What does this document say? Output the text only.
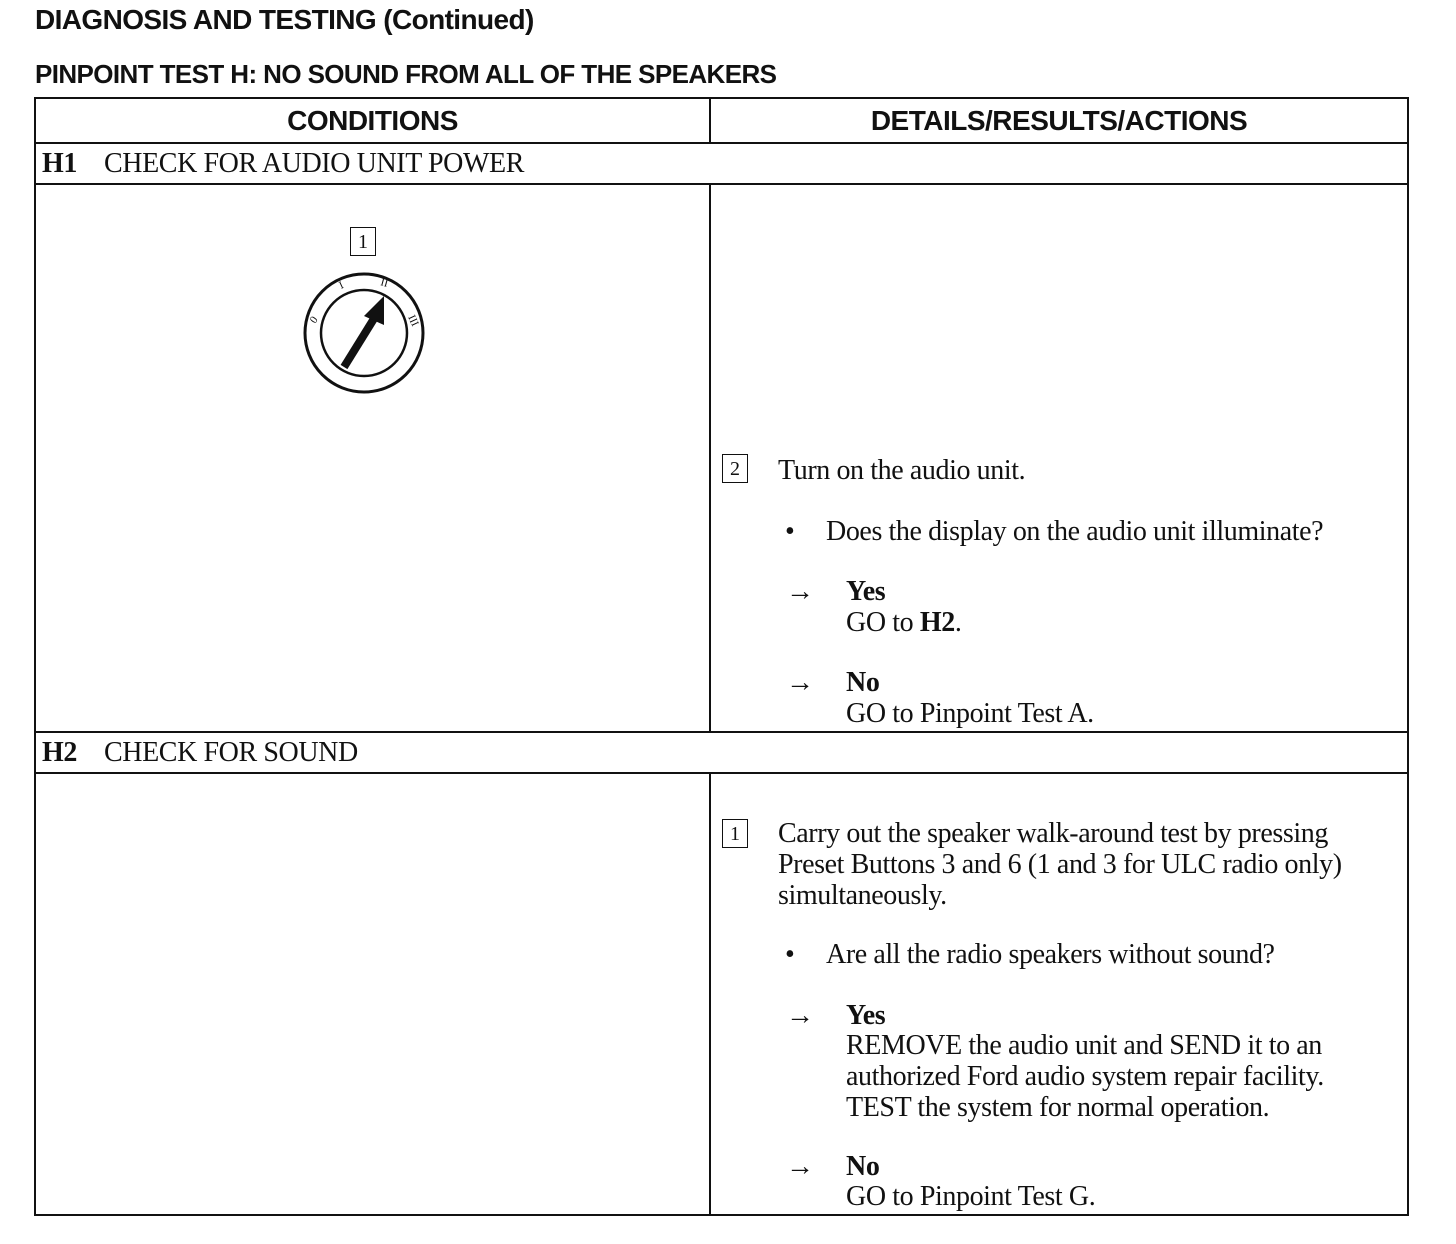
DIAGNOSIS AND TESTING (Continued)
PINPOINT TEST H: NO SOUND FROM ALL OF THE SPEAKERS
CONDITIONS	DETAILS/RESULTS/ACTIONS
H1 CHECK FOR AUDIO UNIT POWER
1
0
I	II
III
2 Turn on the audio unit.
• Does the display on the audio unit illuminate?
→ Yes
GO to H2.
→ No
GO to Pinpoint Test A.
H2 CHECK FOR SOUND
1 Carry out the speaker walk-around test by pressing
Preset Buttons 3 and 6 (1 and 3 for ULC radio only)
simultaneously.
• Are all the radio speakers without sound?
→ Yes
REMOVE the audio unit and SEND it to an
authorized Ford audio system repair facility.
TEST the system for normal operation.
→ No
GO to Pinpoint Test G.
